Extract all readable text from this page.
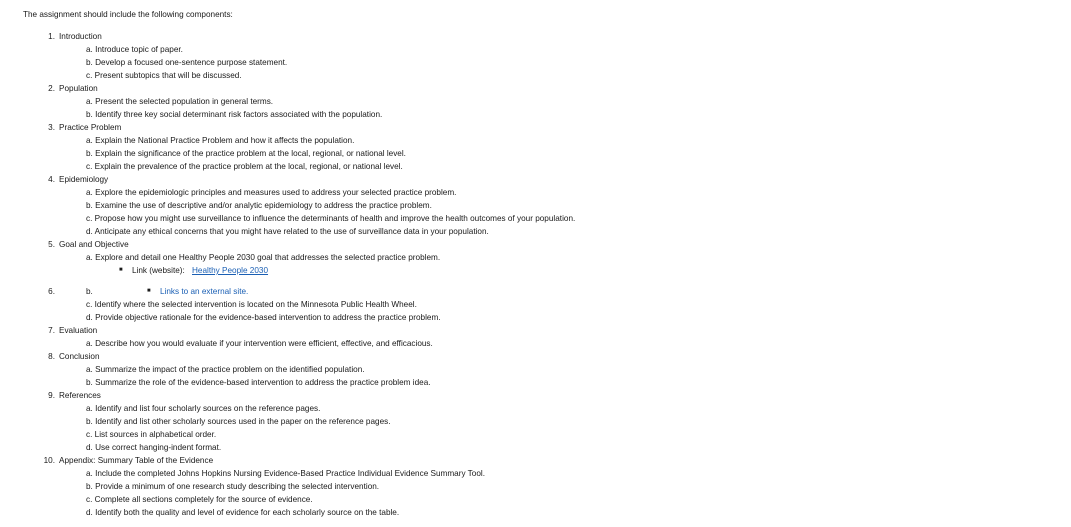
The assignment should include the following components:
1. Introduction
a. Introduce topic of paper.
b. Develop a focused one-sentence purpose statement.
c. Present subtopics that will be discussed.
2. Population
a. Present the selected population in general terms.
b. Identify three key social determinant risk factors associated with the population.
3. Practice Problem
a. Explain the National Practice Problem and how it affects the population.
b. Explain the significance of the practice problem at the local, regional, or national level.
c. Explain the prevalence of the practice problem at the local, regional, or national level.
4. Epidemiology
a. Explore the epidemiologic principles and measures used to address your selected practice problem.
b. Examine the use of descriptive and/or analytic epidemiology to address the practice problem.
c. Propose how you might use surveillance to influence the determinants of health and improve the health outcomes of your population.
d. Anticipate any ethical concerns that you might have related to the use of surveillance data in your population.
5. Goal and Objective
a. Explore and detail one Healthy People 2030 goal that addresses the selected practice problem.
■ Link (website): Healthy People 2030
6.	b.	■ Links to an external site.
c. Identify where the selected intervention is located on the Minnesota Public Health Wheel.
d. Provide objective rationale for the evidence-based intervention to address the practice problem.
7. Evaluation
a. Describe how you would evaluate if your intervention were efficient, effective, and efficacious.
8. Conclusion
a. Summarize the impact of the practice problem on the identified population.
b. Summarize the role of the evidence-based intervention to address the practice problem idea.
9. References
a. Identify and list four scholarly sources on the reference pages.
b. Identify and list other scholarly sources used in the paper on the reference pages.
c. List sources in alphabetical order.
d. Use correct hanging-indent format.
10. Appendix: Summary Table of the Evidence
a. Include the completed Johns Hopkins Nursing Evidence-Based Practice Individual Evidence Summary Tool.
b. Provide a minimum of one research study describing the selected intervention.
c. Complete all sections completely for the source of evidence.
d. Identify both the quality and level of evidence for each scholarly source on the table.
